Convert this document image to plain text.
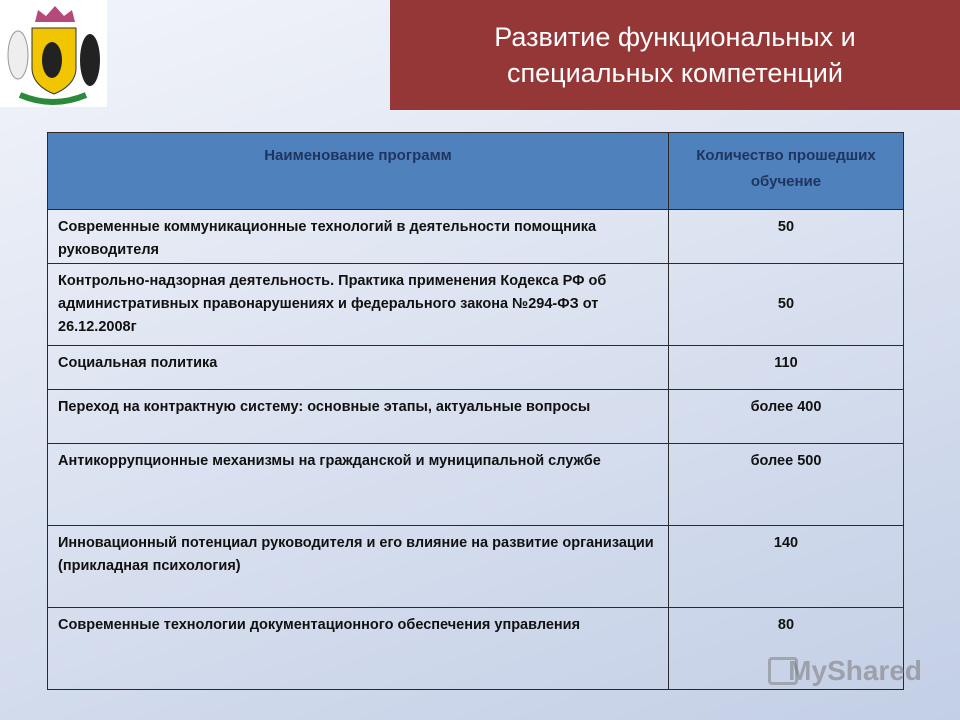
Развитие функциональных и специальных компетенций
Наименование программ	Количество прошедших обучение
Современные коммуникационные технологий в деятельности помощника руководителя	50
Контрольно-надзорная деятельность. Практика применения Кодекса РФ об административных правонарушениях и федерального закона №294-ФЗ от 26.12.2008г	50
Социальная политика	110
Переход на контрактную систему: основные этапы, актуальные вопросы	более 400
Антикоррупционные механизмы на гражданской и муниципальной службе	более 500
Инновационный потенциал руководителя и его влияние на развитие организации (прикладная психология)	140
Современные технологии документационного обеспечения управления	80
MyShared
